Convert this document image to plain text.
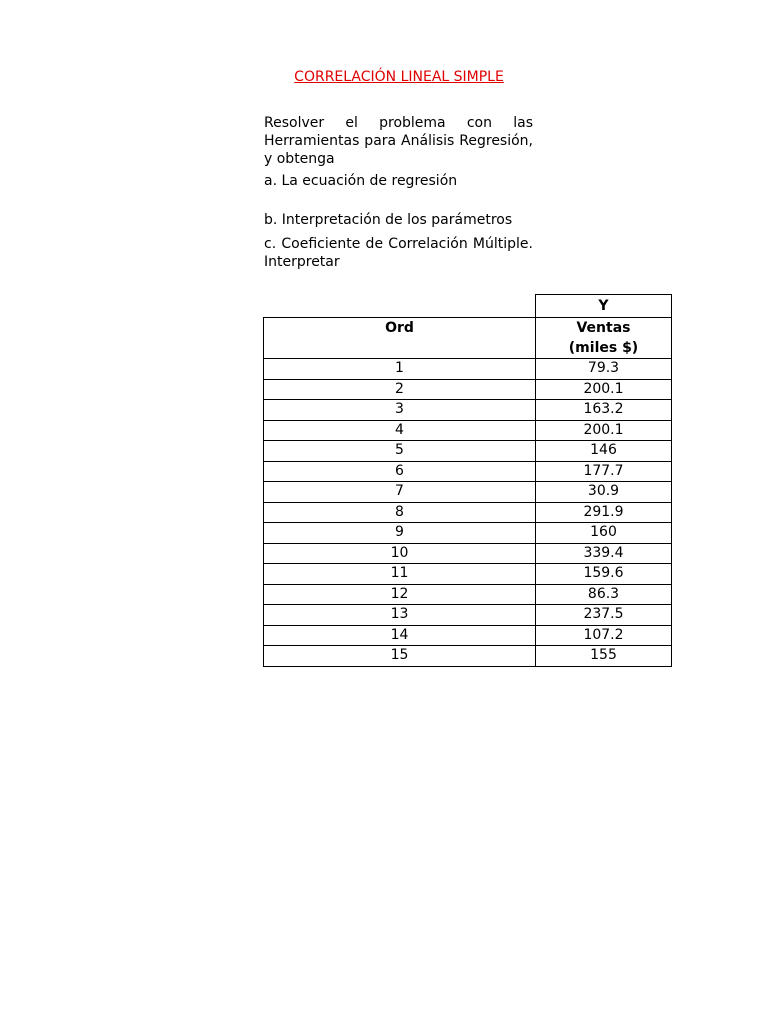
CORRELACIÓN LINEAL SIMPLE
Resolver el problema con las Herramientas para Análisis Regresión, y obtenga
a. La ecuación de regresión
b. Interpretación de los parámetros
c. Coeficiente de Correlación Múltiple. Interpretar
	Y
Ord	Ventas
(miles $)
1	79.3
2	200.1
3	163.2
4	200.1
5	146
6	177.7
7	30.9
8	291.9
9	160
10	339.4
11	159.6
12	86.3
13	237.5
14	107.2
15	155
